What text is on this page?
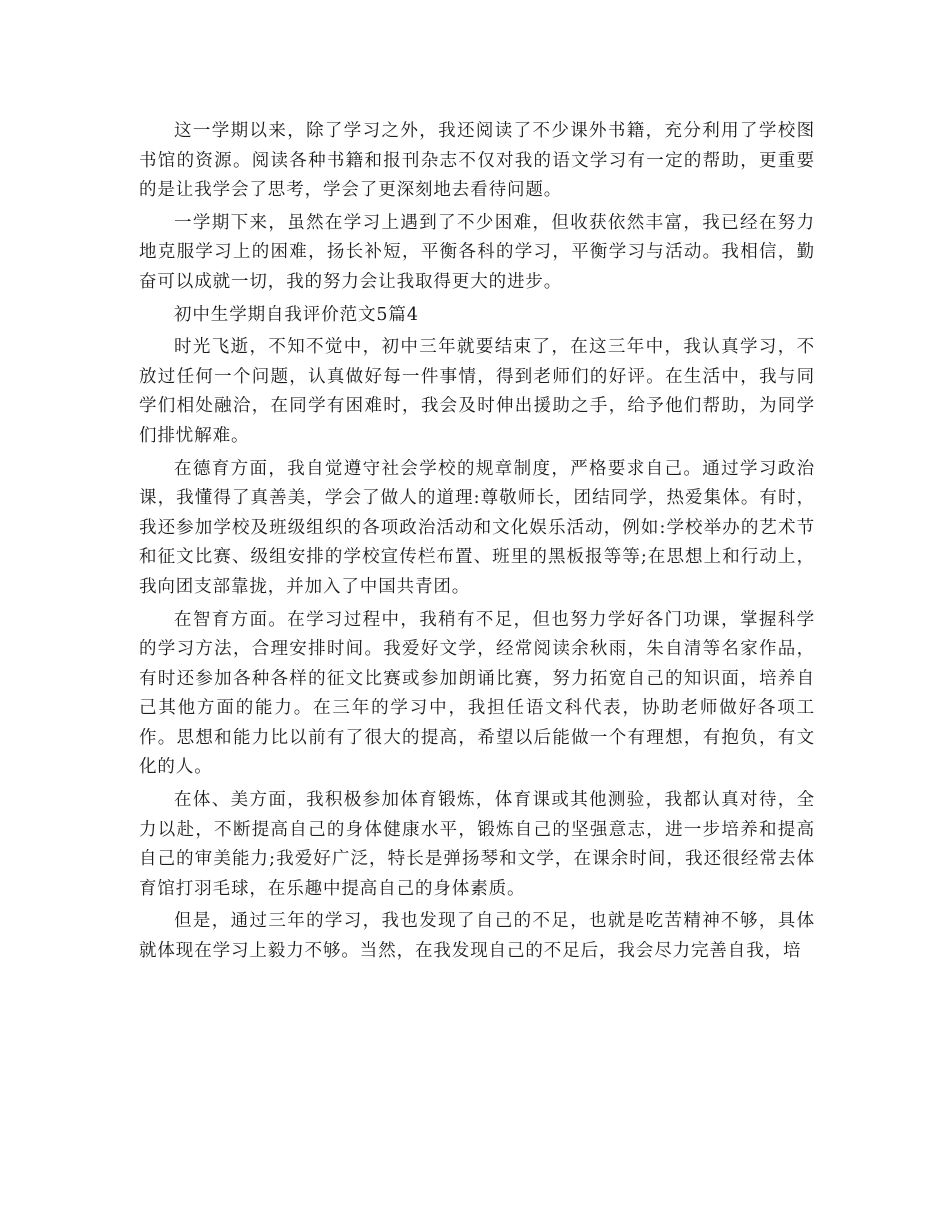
这一学期以来，除了学习之外，我还阅读了不少课外书籍，充分利用了学校图书馆的资源。阅读各种书籍和报刊杂志不仅对我的语文学习有一定的帮助，更重要的是让我学会了思考，学会了更深刻地去看待问题。

一学期下来，虽然在学习上遇到了不少困难，但收获依然丰富，我已经在努力地克服学习上的困难，扬长补短，平衡各科的学习，平衡学习与活动。我相信，勤奋可以成就一切，我的努力会让我取得更大的进步。

初中生学期自我评价范文5篇4

时光飞逝，不知不觉中，初中三年就要结束了，在这三年中，我认真学习，不放过任何一个问题，认真做好每一件事情，得到老师们的好评。在生活中，我与同学们相处融洽，在同学有困难时，我会及时伸出援助之手，给予他们帮助，为同学们排忧解难。

在德育方面，我自觉遵守社会学校的规章制度，严格要求自己。通过学习政治课，我懂得了真善美，学会了做人的道理:尊敬师长，团结同学，热爱集体。有时，我还参加学校及班级组织的各项政治活动和文化娱乐活动，例如:学校举办的艺术节和征文比赛、级组安排的学校宣传栏布置、班里的黑板报等等;在思想上和行动上，我向团支部靠拢，并加入了中国共青团。

在智育方面。在学习过程中，我稍有不足，但也努力学好各门功课，掌握科学的学习方法，合理安排时间。我爱好文学，经常阅读余秋雨，朱自清等名家作品，有时还参加各种各样的征文比赛或参加朗诵比赛，努力拓宽自己的知识面，培养自己其他方面的能力。在三年的学习中，我担任语文科代表，协助老师做好各项工作。思想和能力比以前有了很大的提高，希望以后能做一个有理想，有抱负，有文化的人。

在体、美方面，我积极参加体育锻炼，体育课或其他测验，我都认真对待，全力以赴，不断提高自己的身体健康水平，锻炼自己的坚强意志，进一步培养和提高自己的审美能力;我爱好广泛，特长是弹扬琴和文学，在课余时间，我还很经常去体育馆打羽毛球，在乐趣中提高自己的身体素质。

但是，通过三年的学习，我也发现了自己的不足，也就是吃苦精神不够，具体就体现在学习上毅力不够。当然，在我发现自己的不足后，我会尽力完善自我，培
